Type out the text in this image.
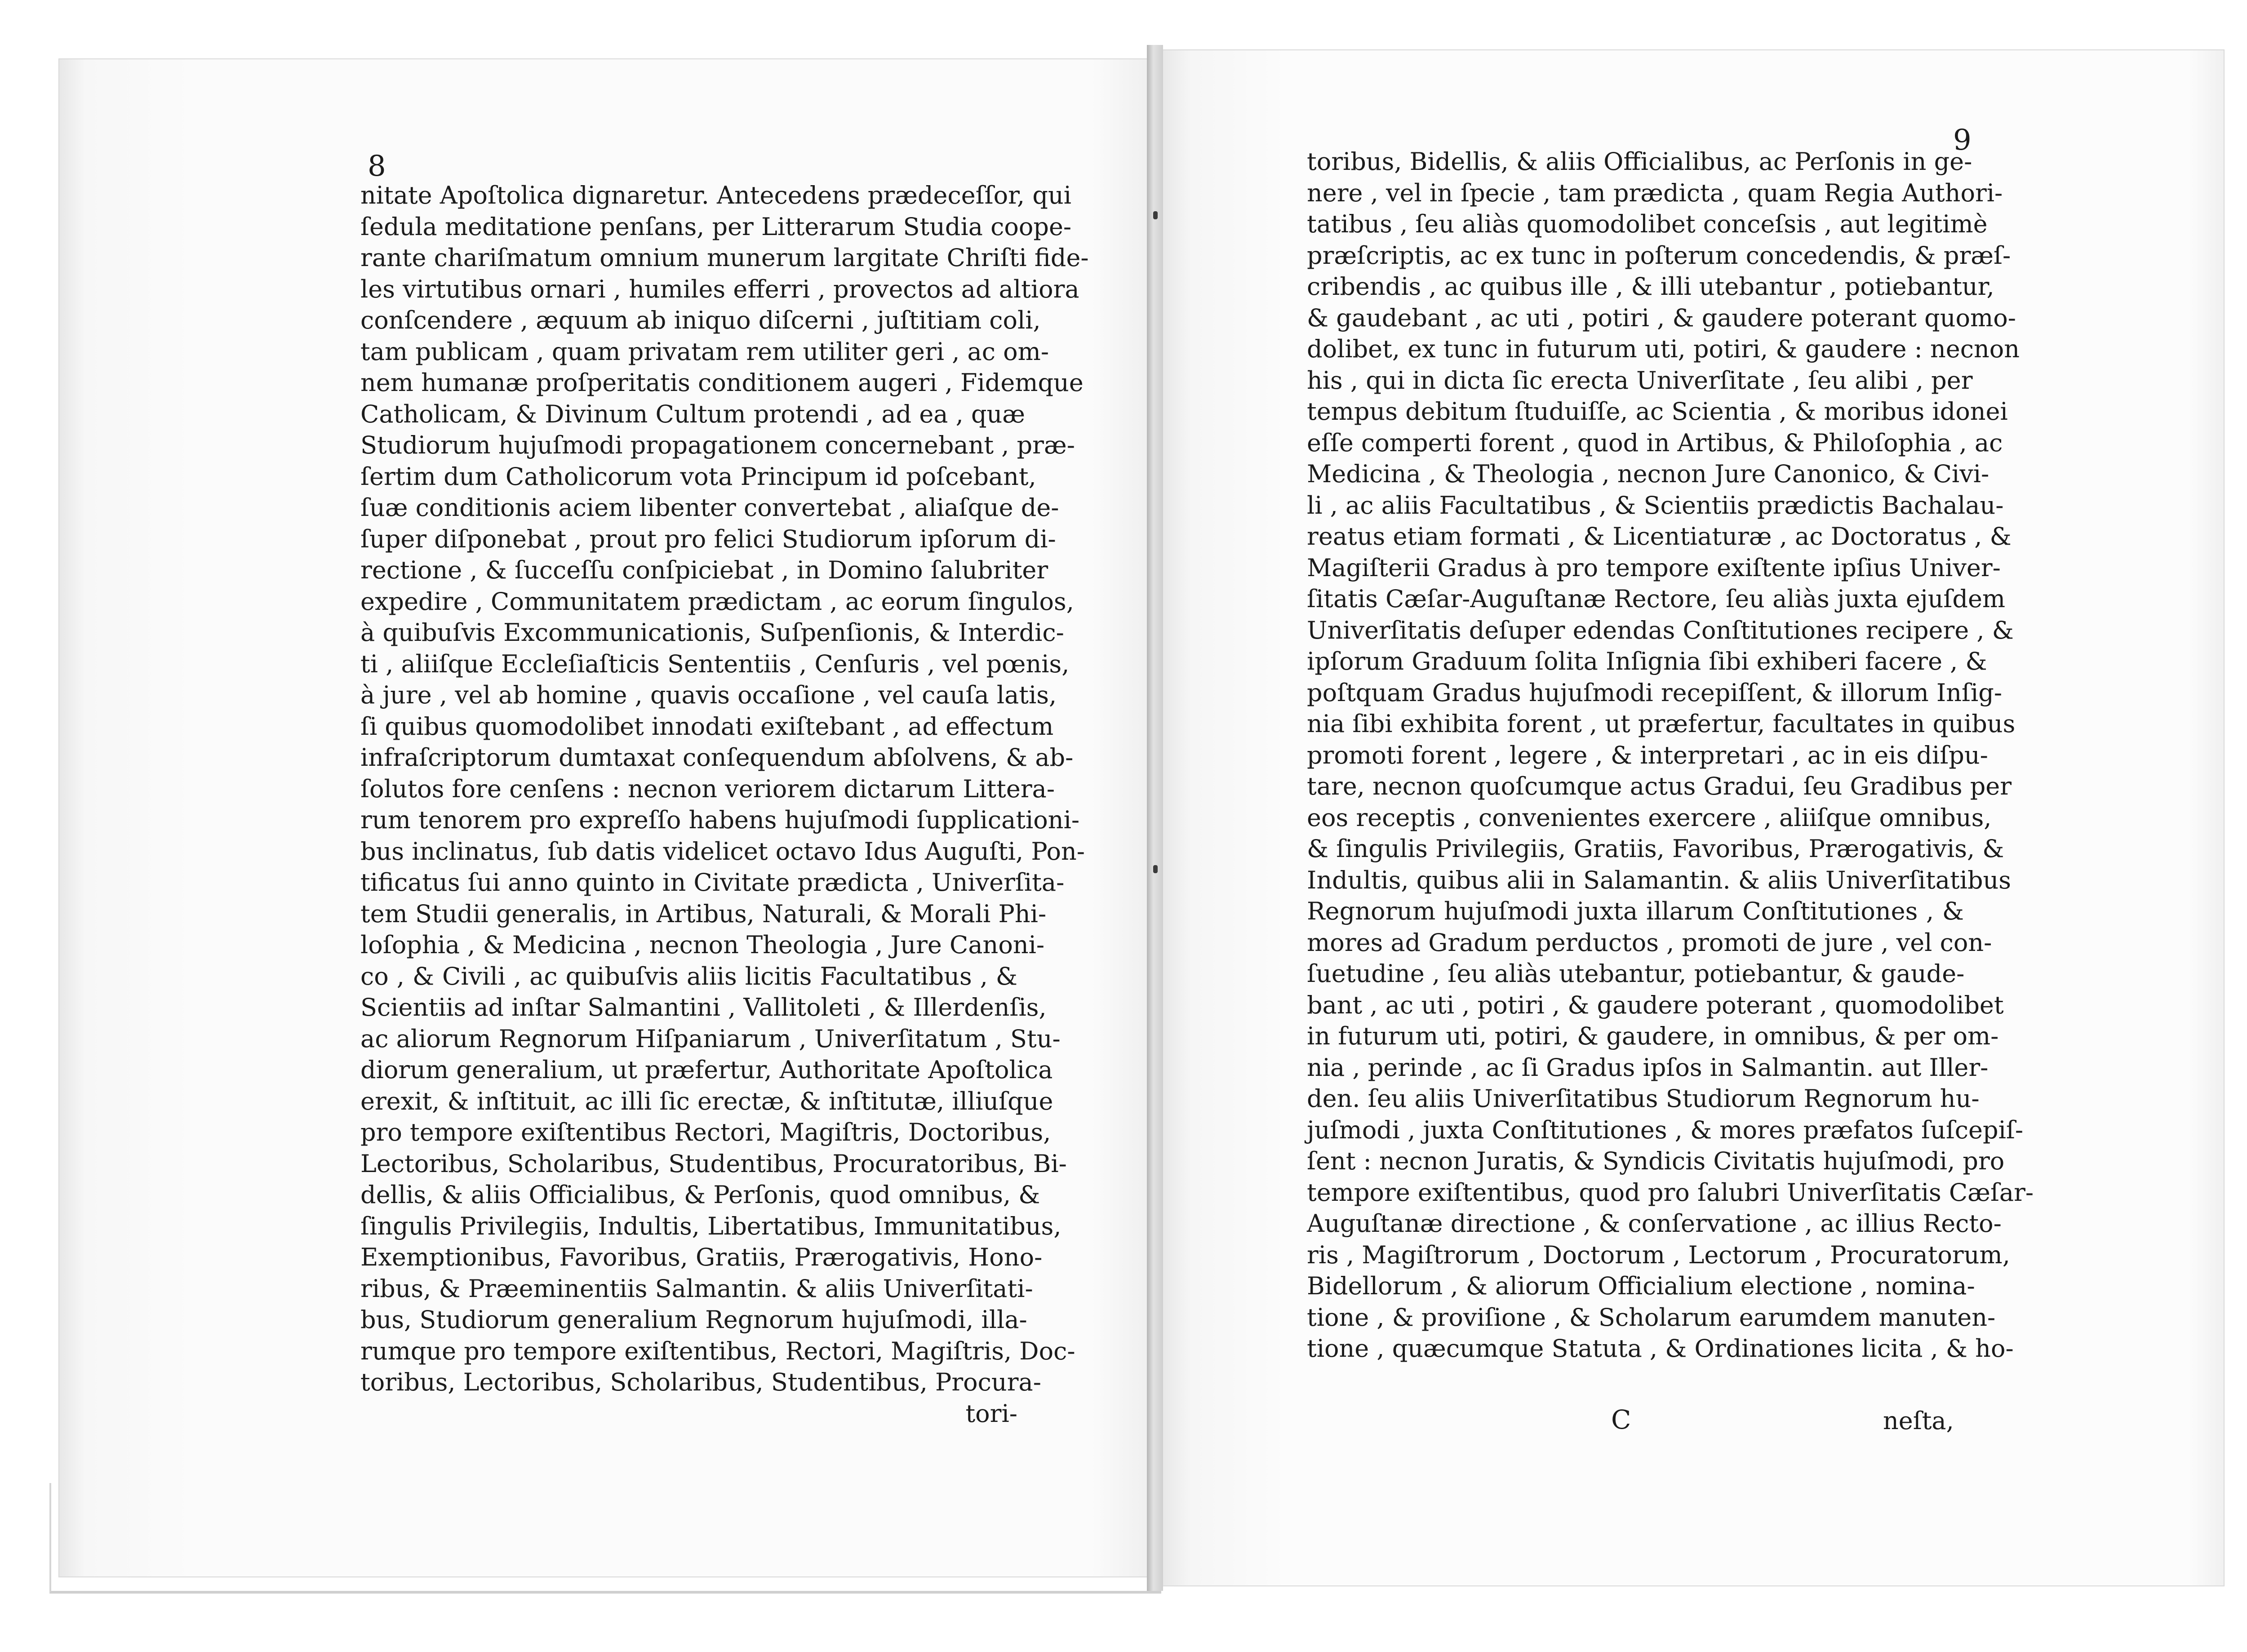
8
9
nitate Apoſtolica dignaretur. Antecedens prædeceſſor, qui
ſedula meditatione penſans, per Litterarum Studia coope-
rante chariſmatum omnium munerum largitate Chriſti fide-
les virtutibus ornari , humiles efferri , provectos ad altiora
conſcendere , æquum ab iniquo diſcerni , juſtitiam coli,
tam publicam , quam privatam rem utiliter geri , ac om-
nem humanæ proſperitatis conditionem augeri , Fidemque
Catholicam, & Divinum Cultum protendi , ad ea , quæ
Studiorum hujuſmodi propagationem concernebant , præ-
ſertim dum Catholicorum vota Principum id poſcebant,
ſuæ conditionis aciem libenter convertebat , aliaſque de-
ſuper diſponebat , prout pro felici Studiorum ipſorum di-
rectione , & ſucceſſu conſpiciebat , in Domino ſalubriter
expedire , Communitatem prædictam , ac eorum ſingulos,
à quibuſvis Excommunicationis, Suſpenſionis, & Interdic-
ti , aliiſque Eccleſiaſticis Sententiis , Cenſuris , vel pœnis,
à jure , vel ab homine , quavis occaſione , vel cauſa latis,
ſi quibus quomodolibet innodati exiſtebant , ad effectum
infraſcriptorum dumtaxat conſequendum abſolvens, & ab-
ſolutos fore cenſens : necnon veriorem dictarum Littera-
rum tenorem pro expreſſo habens hujuſmodi ſupplicationi-
bus inclinatus, ſub datis videlicet octavo Idus Auguſti, Pon-
tificatus ſui anno quinto in Civitate prædicta , Univerſita-
tem Studii generalis, in Artibus, Naturali, & Morali Phi-
loſophia , & Medicina , necnon Theologia , Jure Canoni-
co , & Civili , ac quibuſvis aliis licitis Facultatibus , &
Scientiis ad inſtar Salmantini , Vallitoleti , & Illerdenſis,
ac aliorum Regnorum Hiſpaniarum , Univerſitatum , Stu-
diorum generalium, ut præfertur, Authoritate Apoſtolica
erexit, & inſtituit, ac illi ſic erectæ, & inſtitutæ, illiuſque
pro tempore exiſtentibus Rectori, Magiſtris, Doctoribus,
Lectoribus, Scholaribus, Studentibus, Procuratoribus, Bi-
dellis, & aliis Officialibus, & Perſonis, quod omnibus, &
ſingulis Privilegiis, Indultis, Libertatibus, Immunitatibus,
Exemptionibus, Favoribus, Gratiis, Prærogativis, Hono-
ribus, & Præeminentiis Salmantin. & aliis Univerſitati-
bus, Studiorum generalium Regnorum hujuſmodi, illa-
rumque pro tempore exiſtentibus, Rectori, Magiſtris, Doc-
toribus, Lectoribus, Scholaribus, Studentibus, Procura-
tori-
toribus, Bidellis, & aliis Officialibus, ac Perſonis in ge-
nere , vel in ſpecie , tam prædicta , quam Regia Authori-
tatibus , ſeu aliàs quomodolibet conceſsis , aut legitimè
præſcriptis, ac ex tunc in poſterum concedendis, & præſ-
cribendis , ac quibus ille , & illi utebantur , potiebantur,
& gaudebant , ac uti , potiri , & gaudere poterant quomo-
dolibet, ex tunc in futurum uti, potiri, & gaudere : necnon
his , qui in dicta ſic erecta Univerſitate , ſeu alibi , per
tempus debitum ſtuduiſſe, ac Scientia , & moribus idonei
eſſe comperti forent , quod in Artibus, & Philoſophia , ac
Medicina , & Theologia , necnon Jure Canonico, & Civi-
li , ac aliis Facultatibus , & Scientiis prædictis Bachalau-
reatus etiam formati , & Licentiaturæ , ac Doctoratus , &
Magiſterii Gradus à pro tempore exiſtente ipſius Univer-
ſitatis Cæſar-Auguſtanæ Rectore, ſeu aliàs juxta ejuſdem
Univerſitatis deſuper edendas Conſtitutiones recipere , &
ipſorum Graduum ſolita Inſignia ſibi exhiberi facere , &
poſtquam Gradus hujuſmodi recepiſſent, & illorum Inſig-
nia ſibi exhibita forent , ut præfertur, facultates in quibus
promoti forent , legere , & interpretari , ac in eis diſpu-
tare, necnon quoſcumque actus Gradui, ſeu Gradibus per
eos receptis , convenientes exercere , aliiſque omnibus,
& ſingulis Privilegiis, Gratiis, Favoribus, Prærogativis, &
Indultis, quibus alii in Salamantin. & aliis Univerſitatibus
Regnorum hujuſmodi juxta illarum Conſtitutiones , &
mores ad Gradum perductos , promoti de jure , vel con-
ſuetudine , ſeu aliàs utebantur, potiebantur, & gaude-
bant , ac uti , potiri , & gaudere poterant , quomodolibet
in futurum uti, potiri, & gaudere, in omnibus, & per om-
nia , perinde , ac ſi Gradus ipſos in Salmantin. aut Iller-
den. ſeu aliis Univerſitatibus Studiorum Regnorum hu-
juſmodi , juxta Conſtitutiones , & mores præfatos ſuſcepiſ-
ſent : necnon Juratis, & Syndicis Civitatis hujuſmodi, pro
tempore exiſtentibus, quod pro ſalubri Univerſitatis Cæſar-
Auguſtanæ directione , & conſervatione , ac illius Recto-
ris , Magiſtrorum , Doctorum , Lectorum , Procuratorum,
Bidellorum , & aliorum Officialium electione , nomina-
tione , & proviſione , & Scholarum earumdem manuten-
tione , quæcumque Statuta , & Ordinationes licita , & ho-
C	neſta,
